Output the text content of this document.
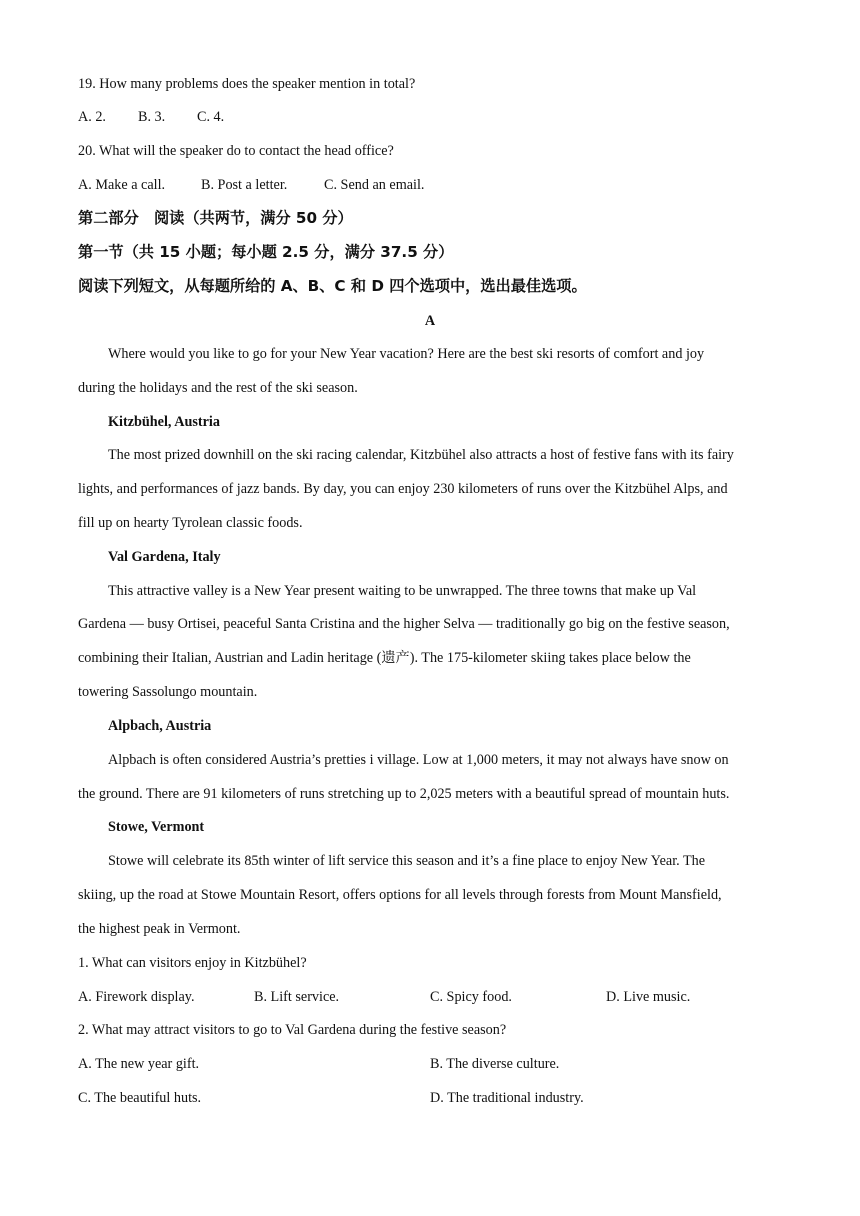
19. How many problems does the speaker mention in total?
A. 2. B. 3. C. 4.
20. What will the speaker do to contact the head office?
A. Make a call.	B. Post a letter.	C. Send an email.
第二部分　阅读（共两节，满分 50 分）
第一节（共 15 小题；每小题 2.5 分，满分 37.5 分）
阅读下列短文，从每题所给的 A、B、C 和 D 四个选项中，选出最佳选项。
A
Where would you like to go for your New Year vacation? Here are the best ski resorts of comfort and joy
during the holidays and the rest of the ski season.
Kitzbühel, Austria
The most prized downhill on the ski racing calendar, Kitzbühel also attracts a host of festive fans with its fairy
lights, and performances of jazz bands. By day, you can enjoy 230 kilometers of runs over the Kitzbühel Alps, and
fill up on hearty Tyrolean classic foods.
Val Gardena, Italy
This attractive valley is a New Year present waiting to be unwrapped. The three towns that make up Val
Gardena — busy Ortisei, peaceful Santa Cristina and the higher Selva — traditionally go big on the festive season,
combining their Italian, Austrian and Ladin heritage (遗产). The 175-kilometer skiing takes place below the
towering Sassolungo mountain.
Alpbach, Austria
Alpbach is often considered Austria’s pretties i village. Low at 1,000 meters, it may not always have snow on
the ground. There are 91 kilometers of runs stretching up to 2,025 meters with a beautiful spread of mountain huts.
Stowe, Vermont
Stowe will celebrate its 85th winter of lift service this season and it’s a fine place to enjoy New Year. The
skiing, up the road at Stowe Mountain Resort, offers options for all levels through forests from Mount Mansfield,
the highest peak in Vermont.
1. What can visitors enjoy in Kitzbühel?
A. Firework display.	B. Lift service.	C. Spicy food.	D. Live music.
2. What may attract visitors to go to Val Gardena during the festive season?
A. The new year gift.	B. The diverse culture.
C. The beautiful huts.	D. The traditional industry.
